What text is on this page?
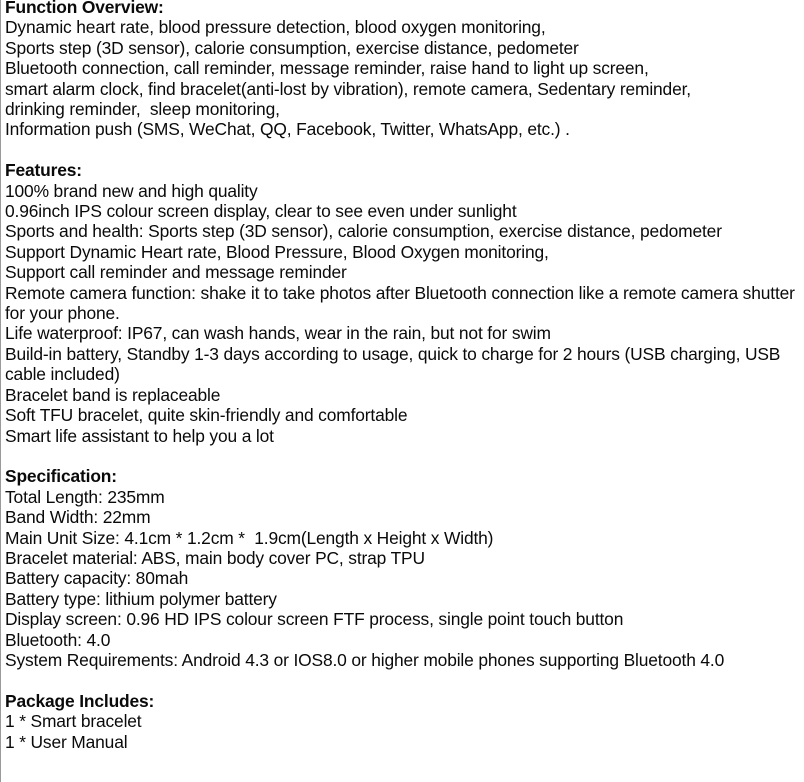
Function Overview:
Dynamic heart rate, blood pressure detection, blood oxygen monitoring,
Sports step (3D sensor), calorie consumption, exercise distance, pedometer
Bluetooth connection, call reminder, message reminder, raise hand to light up screen,
smart alarm clock, find bracelet(anti-lost by vibration), remote camera, Sedentary reminder,
drinking reminder,  sleep monitoring,
Information push (SMS, WeChat, QQ, Facebook, Twitter, WhatsApp, etc.) .
Features:
100% brand new and high quality
0.96inch IPS colour screen display, clear to see even under sunlight
Sports and health: Sports step (3D sensor), calorie consumption, exercise distance, pedometer
Support Dynamic Heart rate, Blood Pressure, Blood Oxygen monitoring,
Support call reminder and message reminder
Remote camera function: shake it to take photos after Bluetooth connection like a remote camera shutter for your phone.
Life waterproof: IP67, can wash hands, wear in the rain, but not for swim
Build-in battery, Standby 1-3 days according to usage, quick to charge for 2 hours (USB charging, USB cable included)
Bracelet band is replaceable
Soft TFU bracelet, quite skin-friendly and comfortable
Smart life assistant to help you a lot
Specification:
Total Length: 235mm
Band Width: 22mm
Main Unit Size: 4.1cm * 1.2cm *  1.9cm(Length x Height x Width)
Bracelet material: ABS, main body cover PC, strap TPU
Battery capacity: 80mah
Battery type: lithium polymer battery
Display screen: 0.96 HD IPS colour screen FTF process, single point touch button
Bluetooth: 4.0
System Requirements: Android 4.3 or IOS8.0 or higher mobile phones supporting Bluetooth 4.0
Package Includes:
1 * Smart bracelet
1 * User Manual
